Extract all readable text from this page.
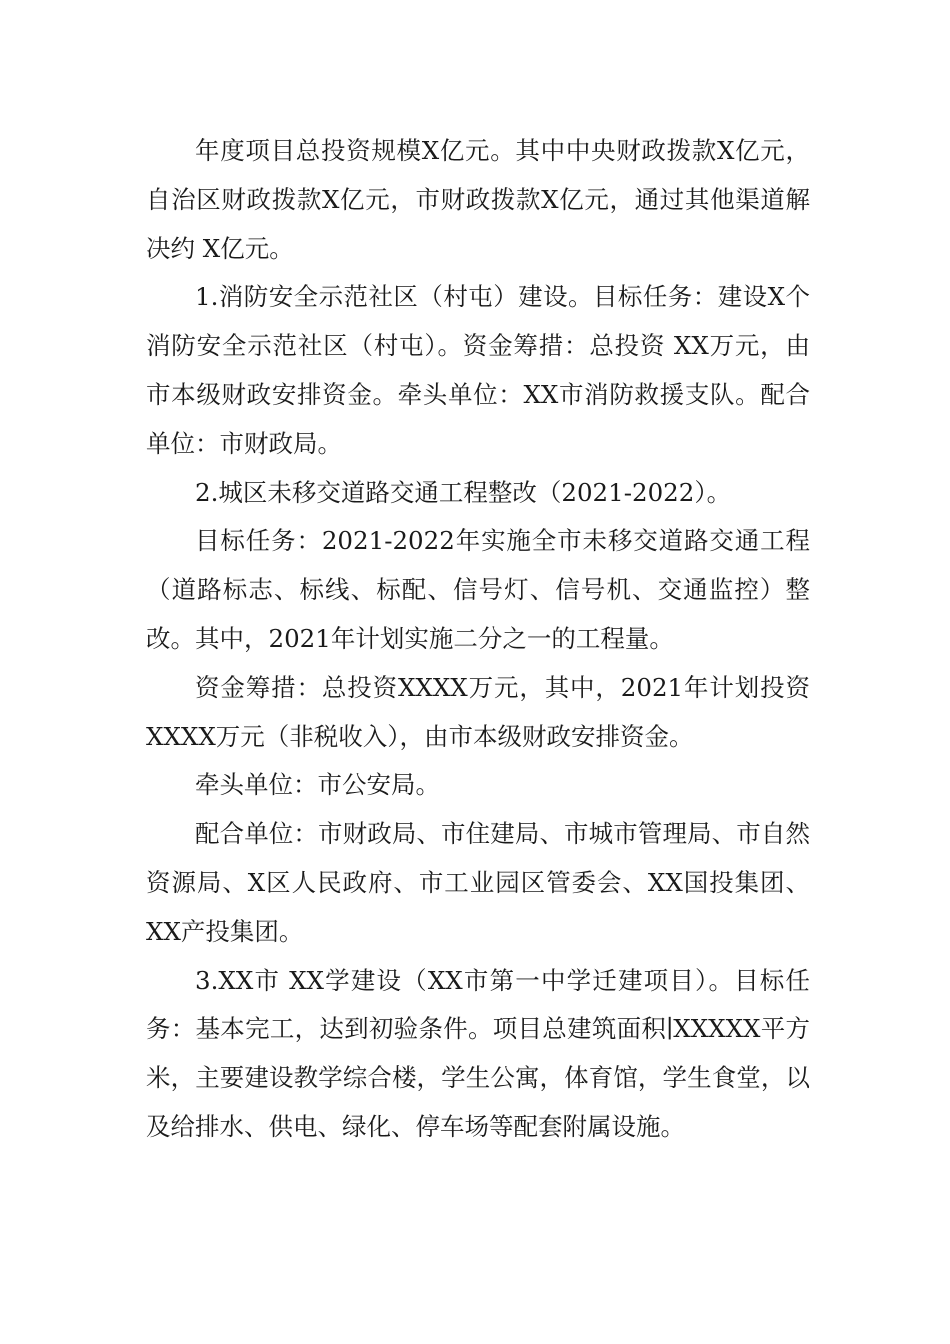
年度项目总投资规模X亿元。其中中央财政拨款X亿元，自治区财政拨款X亿元，市财政拨款X亿元，通过其他渠道解决约 X亿元。

1.消防安全示范社区（村屯）建设。目标任务：建设X个消防安全示范社区（村屯）。资金筹措：总投资 XX万元，由市本级财政安排资金。牵头单位：XX市消防救援支队。配合单位：市财政局。

2.城区未移交道路交通工程整改（2021-2022）。

目标任务：2021-2022年实施全市未移交道路交通工程（道路标志、标线、标配、信号灯、信号机、交通监控）整改。其中，2021年计划实施二分之一的工程量。

资金筹措：总投资XXXX万元，其中，2021年计划投资 XXXX万元（非税收入），由市本级财政安排资金。

牵头单位：市公安局。

配合单位：市财政局、市住建局、市城市管理局、市自然资源局、X区人民政府、市工业园区管委会、XX国投集团、 XX产投集团。

3.XX市 XX学建设（XX市第一中学迁建项目）。目标任务：基本完工，达到初验条件。项目总建筑面积∣XXXXX平方米，主要建设教学综合楼，学生公寓，体育馆，学生食堂，以及给排水、供电、绿化、停车场等配套附属设施。
